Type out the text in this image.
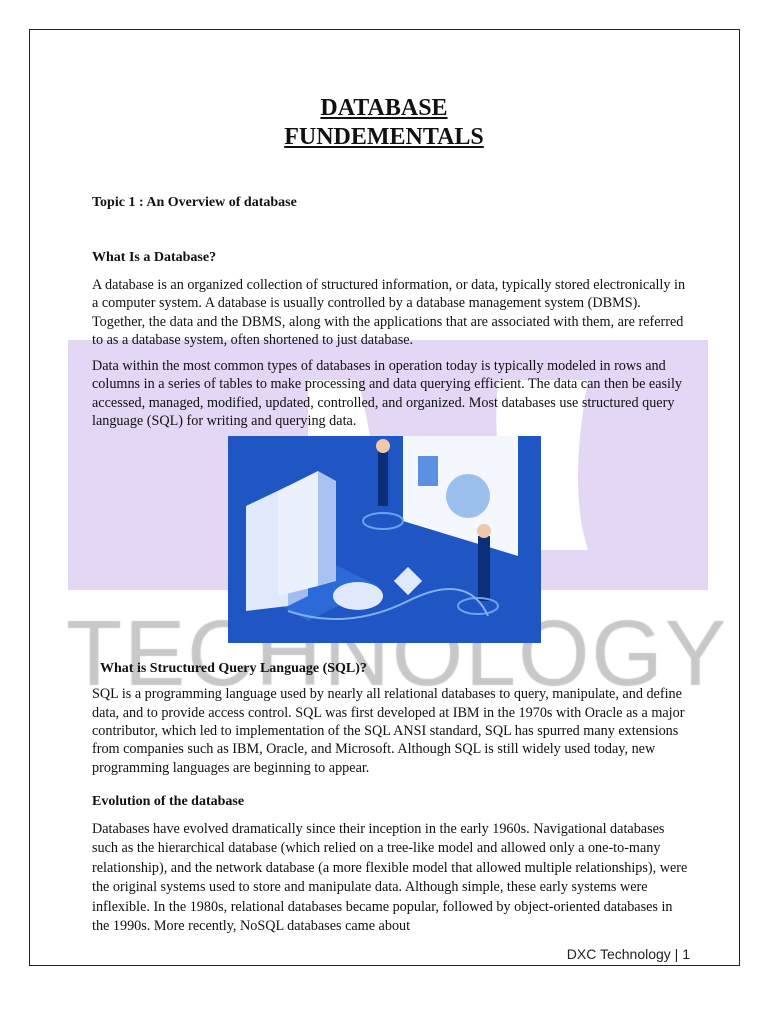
DATABASE
FUNDEMENTALS
Topic 1 : An Overview of database
What Is a Database?
A database is an organized collection of structured information, or data, typically stored electronically in a computer system. A database is usually controlled by a database management system (DBMS). Together, the data and the DBMS, along with the applications that are associated with them, are referred to as a database system, often shortened to just database.
Data within the most common types of databases in operation today is typically modeled in rows and columns in a series of tables to make processing and data querying efficient. The data can then be easily accessed, managed, modified, updated, controlled, and organized. Most databases use structured query language (SQL) for writing and querying data.
What is Structured Query Language (SQL)?
SQL is a programming language used by nearly all relational databases to query, manipulate, and define data, and to provide access control. SQL was first developed at IBM in the 1970s with Oracle as a major contributor, which led to implementation of the SQL ANSI standard, SQL has spurred many extensions from companies such as IBM, Oracle, and Microsoft. Although SQL is still widely used today, new programming languages are beginning to appear.
Evolution of the database
Databases have evolved dramatically since their inception in the early 1960s. Navigational databases such as the hierarchical database (which relied on a tree-like model and allowed only a one-to-many relationship), and the network database (a more flexible model that allowed multiple relationships), were the original systems used to store and manipulate data. Although simple, these early systems were inflexible. In the 1980s, relational databases became popular, followed by object-oriented databases in the 1990s. More recently, NoSQL databases came about
DXC Technology | 1
